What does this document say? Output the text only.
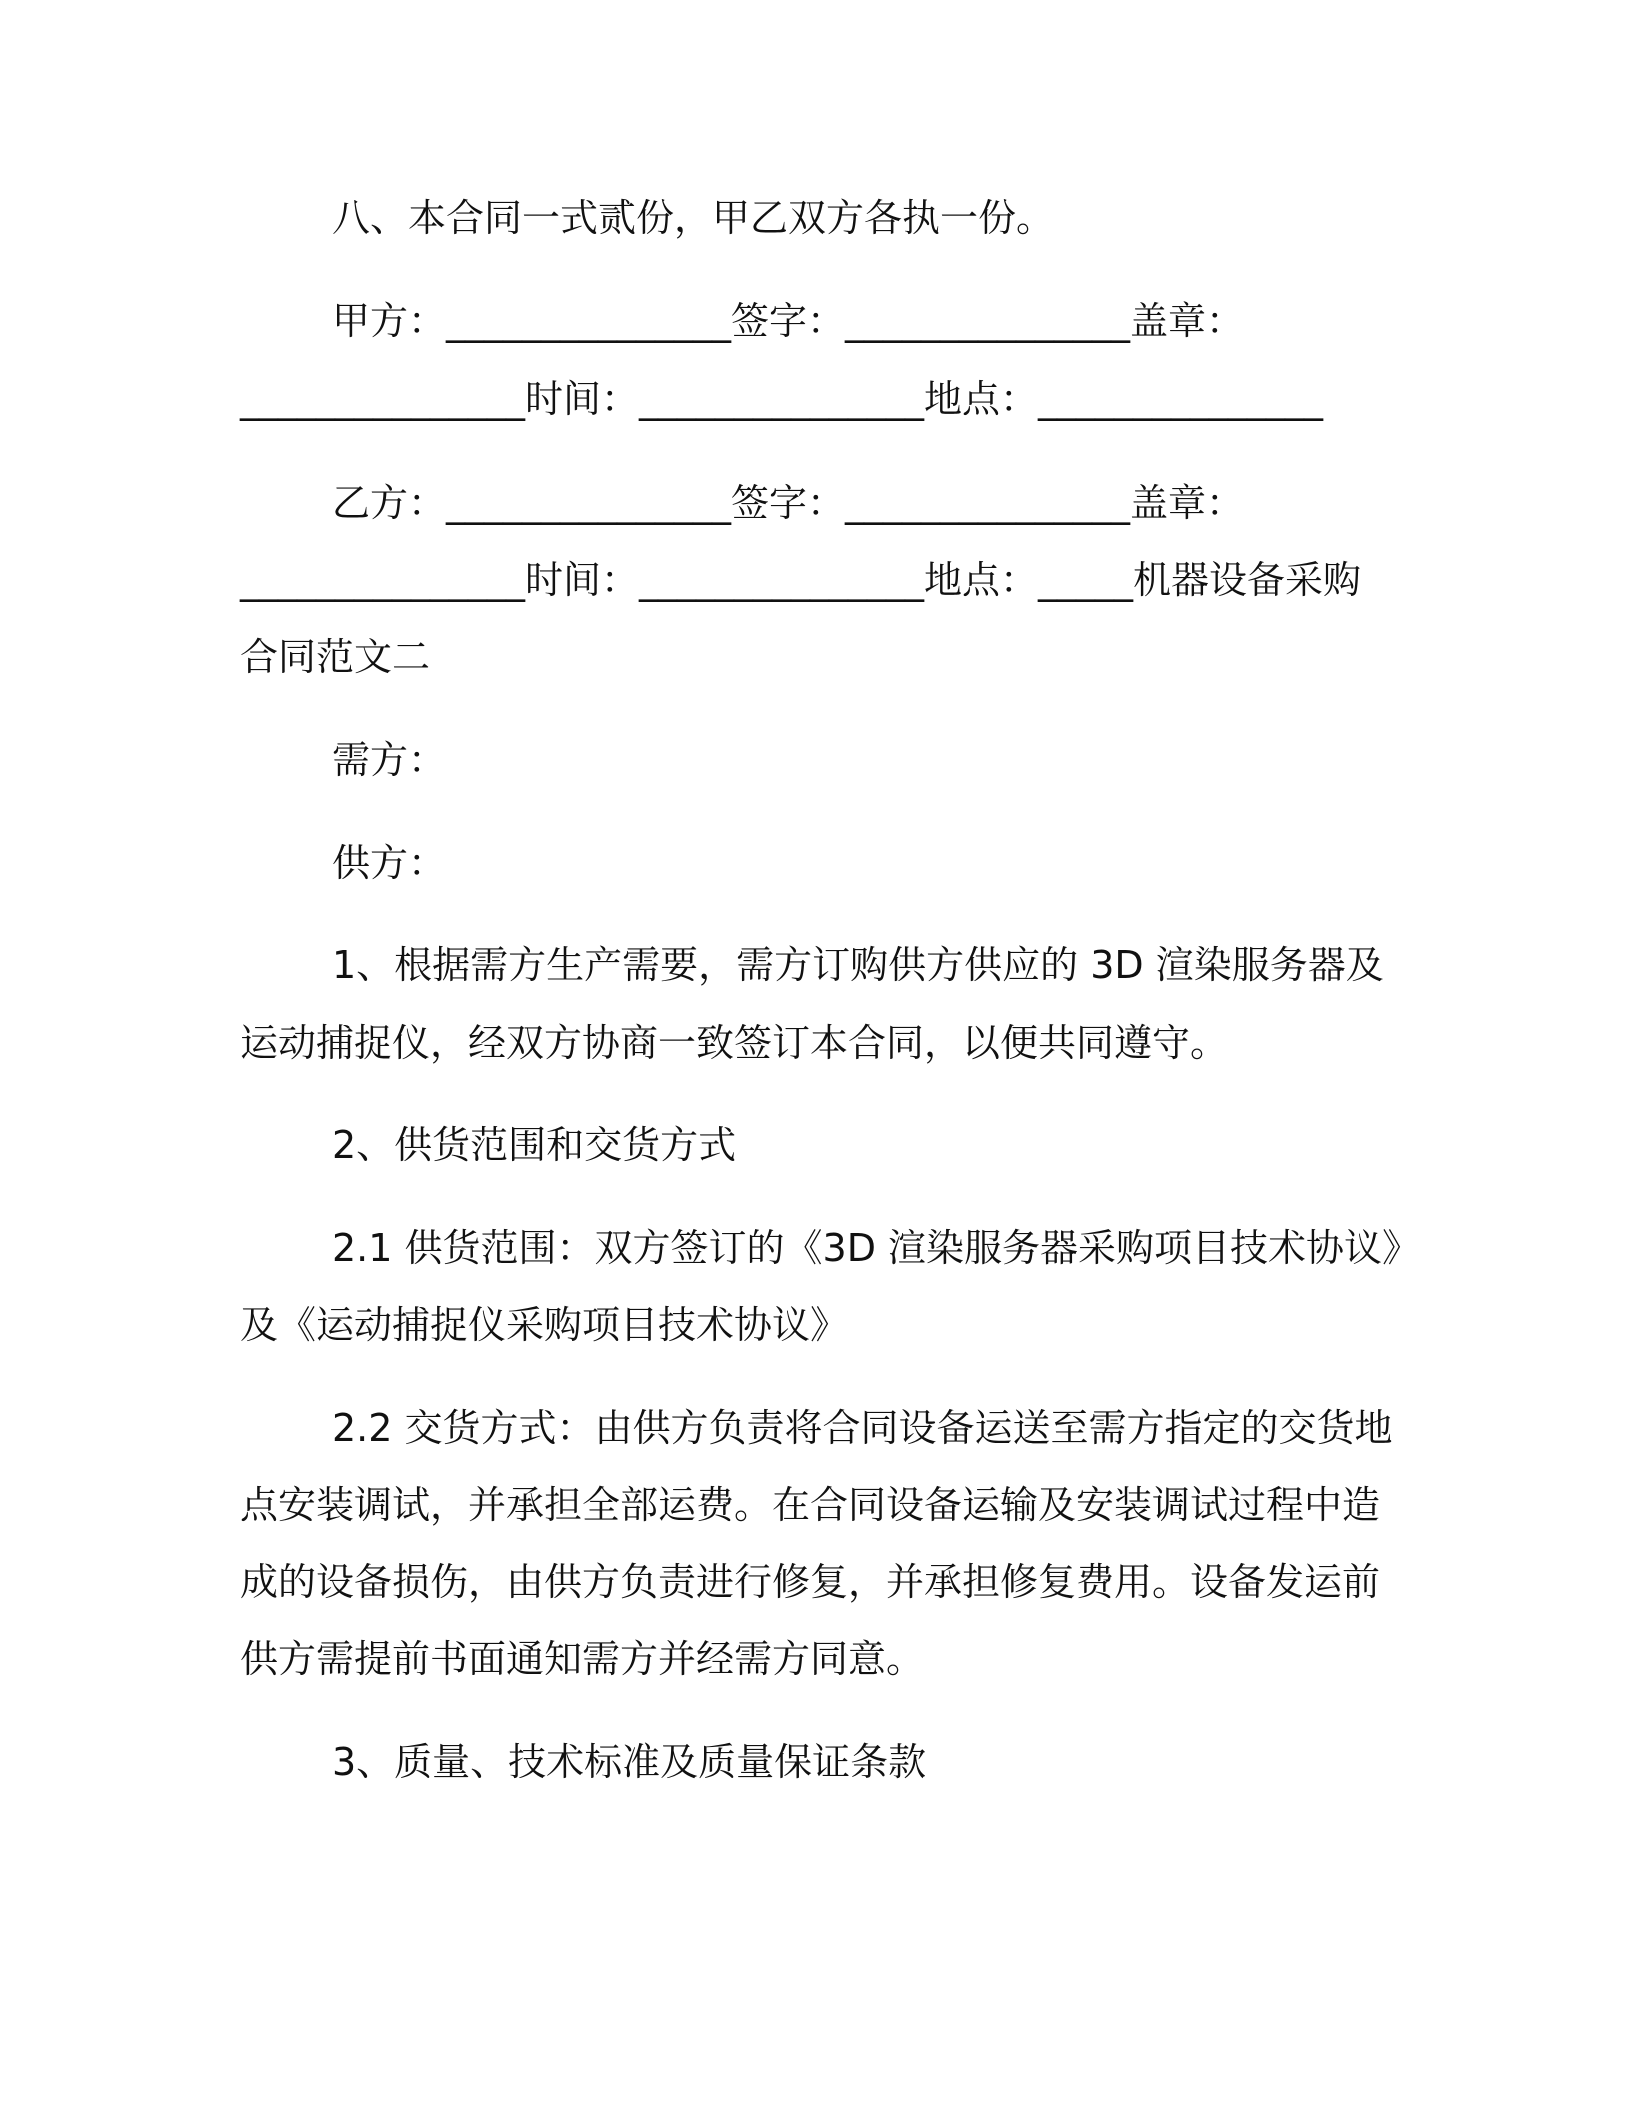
八、本合同一式贰份，甲乙双方各执一份。
甲方：_______________签字：_______________盖章：
_______________时间：_______________地点：_______________
乙方：_______________签字：_______________盖章：
_______________时间：_______________地点：_____机器设备采购
合同范文二
需方：
供方：
1、根据需方生产需要，需方订购供方供应的 3D 渲染服务器及
运动捕捉仪，经双方协商一致签订本合同，以便共同遵守。
2、供货范围和交货方式
2.1 供货范围：双方签订的《3D 渲染服务器采购项目技术协议》
及《运动捕捉仪采购项目技术协议》
2.2 交货方式：由供方负责将合同设备运送至需方指定的交货地
点安装调试，并承担全部运费。在合同设备运输及安装调试过程中造
成的设备损伤，由供方负责进行修复，并承担修复费用。设备发运前
供方需提前书面通知需方并经需方同意。
3、质量、技术标准及质量保证条款
